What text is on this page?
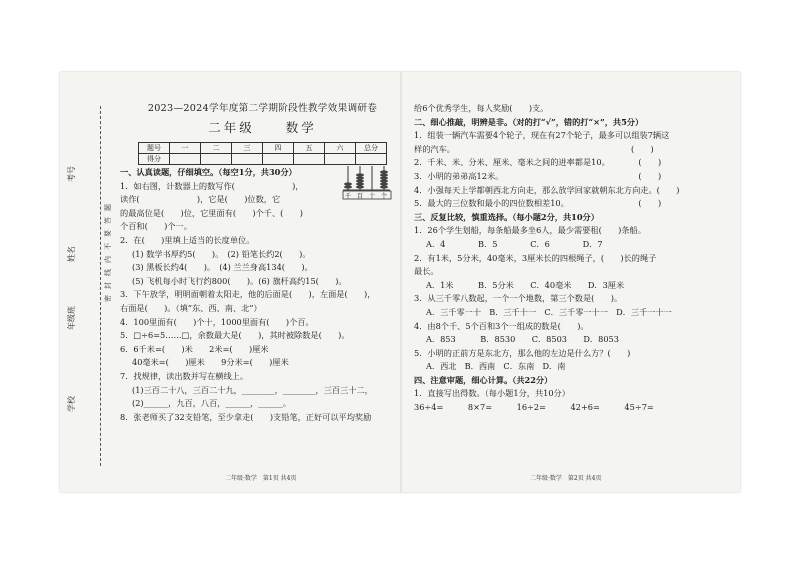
学校
年级班
姓名
考号
密封线内不要答题
2023—2024学年度第二学期阶段性教学效果调研卷
二年级 数学
题号	一	二	三	四	五	六	总分
得分							
一、认真读题，仔细填空。（每空1分，共30分）
1．如右图，计数器上的数写作(　　　　　　　)，
读作(　　　　　　　)，它是(　　)位数，它
的最高位是(　　)位，它里面有(　　)个千、(　　)
个百和(　　)个一。
2．在(　　)里填上适当的长度单位。
(1) 数学书厚约5(　　)。　(2) 铅笔长约2(　　)。
(3) 黑板长约4(　　)。　(4) 兰兰身高134(　　)。
(5) 飞机每小时飞行约800(　　)。(6) 旗杆高约15(　　)。
3．下午放学，明明面朝着太阳走，他的后面是(　　)，左面是(　　)，
右面是(　　)。（填“东、西、南、北”）
4．100里面有(　　)个十，1000里面有(　　)个百。
5．□÷6=5……□，余数最大是(　　)，其时被除数是(　　)。
6．6千米=(　　)米　　2米=(　　)厘米
40毫米=(　　)厘米　　9分米=(　　)厘米
7．找规律，读出数并写在横线上。
(1)三百二十八，三百二十九，________，________，三百三十二，
(2)______，九百，八百，______，______。
8．张老师买了32支铅笔，至少拿走(　　)支铅笔，正好可以平均奖励
千 百 十 个
二年级·数学　第1页 共4页
给6个优秀学生，每人奖励(　　)支。
二、细心推敲，明辨是非。（对的打“√”，错的打“×”，共5分）
1．组装一辆汽车需要4个轮子，现在有27个轮子，最多可以组装7辆这
样的汽车。　　　　　　　　　　　　　　　　　　　　　　(　　)
2．千米、米、分米、厘米、毫米之间的进率都是10。　　　　(　　)
3．小明的弟弟高12米。　　　　　　　　　　　　　　　　　(　　)
4．小强每天上学都朝西北方向走，那么放学回家就朝东北方向走。(　　)
5．最大的三位数和最小的四位数相差10。　　　　　　　　　(　　)
三、反复比较，慎重选择。（每小题2分，共10分）
1．26个学生划船，每条船最多坐6人，最少需要租(　　)条船。
A．4　　　　B．5　　　　C．6　　　　D．7
2．有1米，5分米，40毫米，3厘米长的四根绳子，(　　)长的绳子
最长。
A．1米　　　B．5分米　　C．40毫米　　D．3厘米
3．从三千零八数起，一个一个地数，第三个数是(　　)。
A．三千零一十　B．三千十一　C．三千零一十一　D．三千一十一
4．由8个千、5个百和3个一组成的数是(　　)。
A．853　　　B．8530　　C．8503　　D．8053
5．小明的正前方是东北方，那么他的左边是什么方？(　　)
A．西北　B．西南　C．东南　D．南
四、注意审题，细心计算。（共22分）
1．直接写出得数。（每小题1分，共10分）
36÷4=　　　8×7=　　　16÷2=　　　42+6=　　　45÷7=
二年级·数学　第2页 共4页
